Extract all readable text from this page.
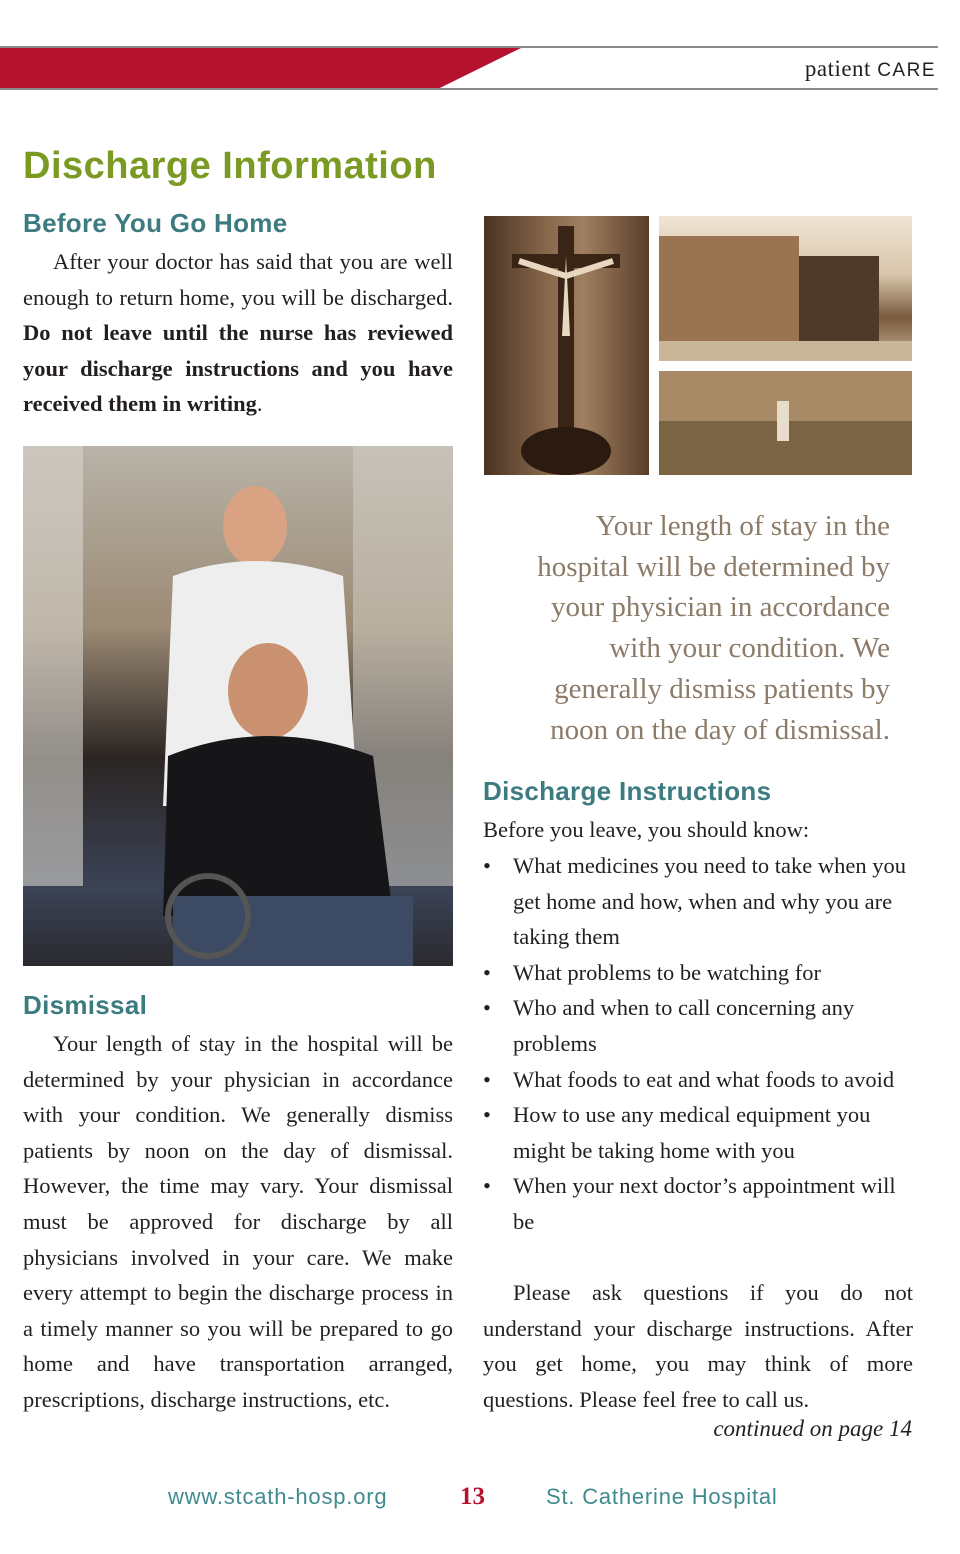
patient CARE
Discharge Information
Before You Go Home

After your doctor has said that you are well enough to return home, you will be discharged. Do not leave until the nurse has reviewed your discharge instructions and you have received them in writing.

Dismissal

Your length of stay in the hospital will be determined by your physician in accordance with your condition. We generally dismiss patients by noon on the day of dismissal. However, the time may vary. Your dismissal must be approved for discharge by all physicians involved in your care. We make every attempt to begin the discharge process in a timely manner so you will be prepared to go home and have transportation arranged, prescriptions, discharge instructions, etc.

Your length of stay in the hospital will be determined by your physician in accordance with your condition. We generally dismiss patients by noon on the day of dismissal.

Discharge Instructions

Before you leave, you should know:

• What medicines you need to take when you get home and how, when and why you are taking them
• What problems to be watching for
• Who and when to call concerning any problems
• What foods to eat and what foods to avoid
• How to use any medical equipment you might be taking home with you
• When your next doctor’s appointment will be

Please ask questions if you do not understand your discharge instructions. After you get home, you may think of more questions. Please feel free to call us.

continued on page 14

www.stcath-hosp.org	13	St. Catherine Hospital
